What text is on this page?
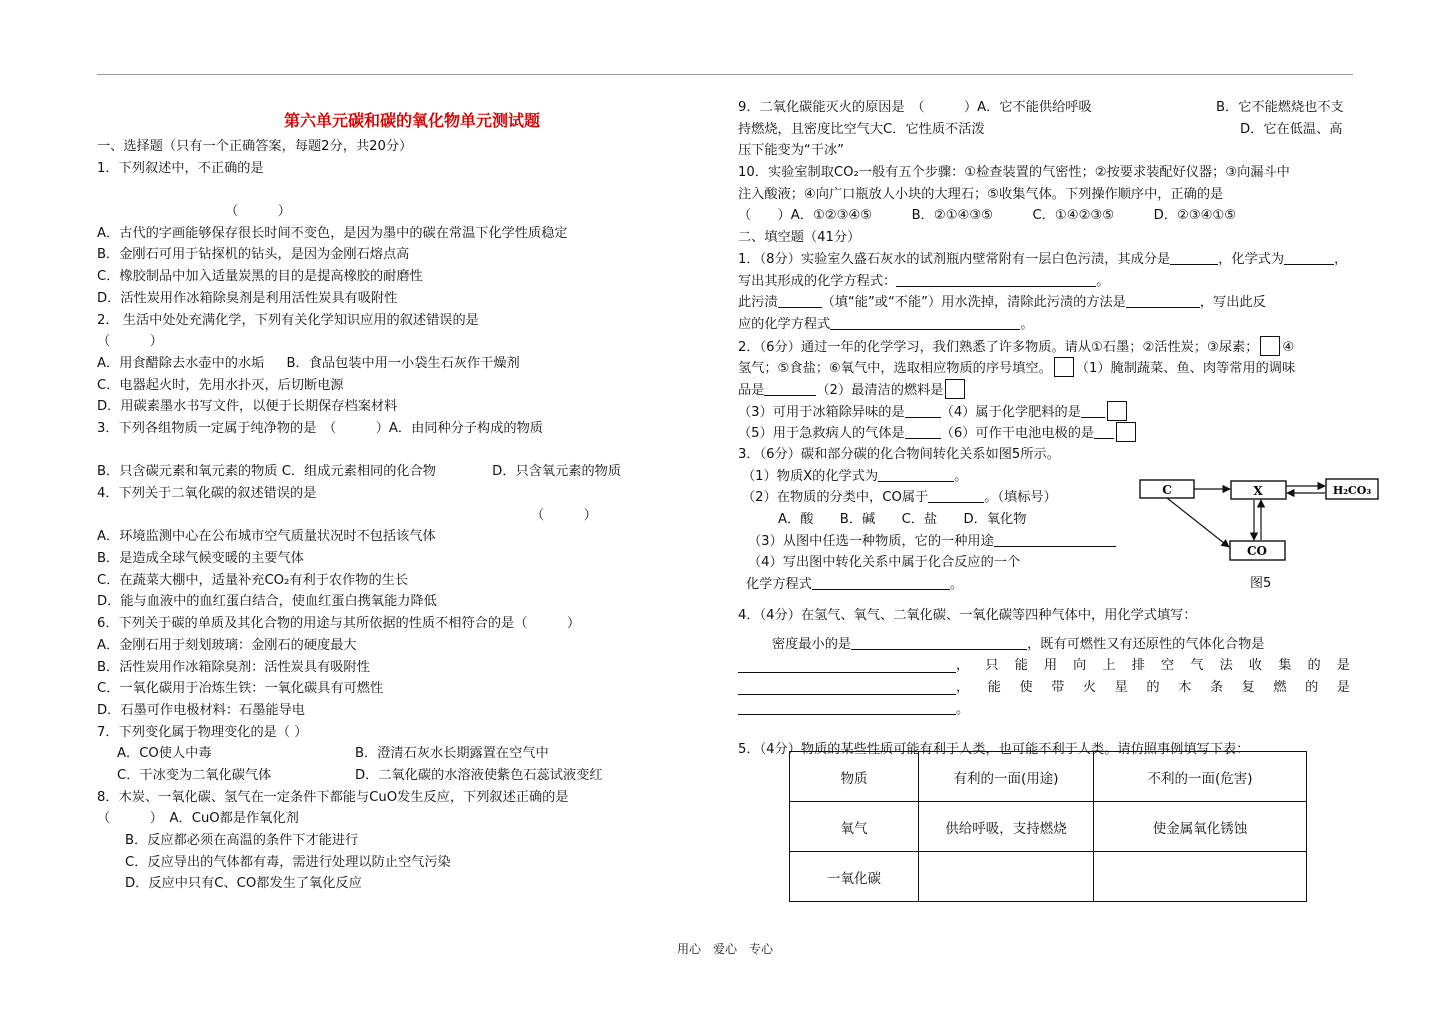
第六单元碳和碳的氧化物单元测试题
一、选择题（只有一个正确答案，每题2分，共20分）
1．下列叙述中，不正确的是
（　　　）
A．古代的字画能够保存很长时间不变色，是因为墨中的碳在常温下化学性质稳定
B．金刚石可用于钻探机的钻头，是因为金刚石熔点高
C．橡胶制品中加入适量炭黑的目的是提高橡胶的耐磨性
D．活性炭用作冰箱除臭剂是利用活性炭具有吸附性
2． 生活中处处充满化学，下列有关化学知识应用的叙述错误的是
（　　　）
A．用食醋除去水壶中的水垢 B．食品包装中用一小袋生石灰作干燥剂
C．电器起火时，先用水扑灭，后切断电源
D．用碳素墨水书写文件，以便于长期保存档案材料
3．下列各组物质一定属于纯净物的是　（　　　）A．由同种分子构成的物质
B．只含碳元素和氧元素的物质 C．组成元素相同的化合物	D．只含氧元素的物质
4．下列关于二氧化碳的叙述错误的是
（　　　）
A．环境监测中心在公布城市空气质量状况时不包括该气体
B．是造成全球气候变暖的主要气体
C．在蔬菜大棚中，适量补充CO₂有利于农作物的生长
D．能与血液中的血红蛋白结合，使血红蛋白携氧能力降低
6．下列关于碳的单质及其化合物的用途与其所依据的性质不相符合的是（　　　）
A．金刚石用于刻划玻璃：金刚石的硬度最大
B．活性炭用作冰箱除臭剂：活性炭具有吸附性
C．一氧化碳用于冶炼生铁：一氧化碳具有可燃性
D．石墨可作电极材料：石墨能导电
7．下列变化属于物理变化的是（ ）
A．CO使人中毒	B．澄清石灰水长期露置在空气中
C．干冰变为二氧化碳气体	D．二氧化碳的水溶液使紫色石蕊试液变红
8．木炭、一氧化碳、氢气在一定条件下都能与CuO发生反应，下列叙述正确的是
（　　　）　A．CuO都是作氧化剂
B．反应都必须在高温的条件下才能进行
C．反应导出的气体都有毒，需进行处理以防止空气污染
D．反应中只有C、CO都发生了氧化反应
9．二氧化碳能灭火的原因是　（　　　）A．它不能供给呼吸	B．它不能燃烧也不支
持燃烧，且密度比空气大C．它性质不活泼	D．它在低温、高
压下能变为“干冰”
10．实验室制取CO₂一般有五个步骤：①检查装置的气密性；②按要求装配好仪器；③向漏斗中
注入酸液；④向广口瓶放人小块的大理石；⑤收集气体。下列操作顺序中，正确的是
（　　）A．①②③④⑤　　　B．②①④③⑤　　　C．①④②③⑤　　　D．②③④①⑤
二、填空题（41分）
1．（8分）实验室久盛石灰水的试剂瓶内壁常附有一层白色污渍，其成分是	，化学式为	，
写出其形成的化学方程式：	。
此污渍	（填“能”或“不能”）用水洗掉，清除此污渍的方法是	，写出此反
应的化学方程式	。
2．（6分）通过一年的化学学习，我们熟悉了许多物质。请从①石墨；②活性炭；③尿素； ④
氢气；⑤食盐；⑥氧气中，选取相应物质的序号填空。 （1）腌制蔬菜、鱼、肉等常用的调味
品是	（2）最清洁的燃料是
（3）可用于冰箱除异味的是	（4）属于化学肥料的是
（5）用于急救病人的气体是	（6）可作干电池电极的是
3．（6分）碳和部分碳的化合物间转化关系如图5所示。
（1）物质X的化学式为	。
（2）在物质的分类中，CO属于	。（填标号）
A．酸　　B．碱　　C．盐　　D．氧化物
（3）从图中任选一种物质，它的一种用途
（4）写出图中转化关系中属于化合反应的一个
化学方程式	。
4．（4分）在氢气、氧气、二氧化碳、一氧化碳等四种气体中，用化学式填写：
密度最小的是	，既有可燃性又有还原性的气体化合物是
，只能用向上排空气法收集的是
，能使带火星的木条复燃的是
。
5．（4分）物质的某些性质可能有利于人类，也可能不利于人类。请仿照事例填写下表：
C	X	H₂CO₃
CO
图5
物质	有利的一面(用途)	不利的一面(危害)
氧气	供给呼吸，支持燃烧	使金属氧化锈蚀
一氧化碳		
用心　爱心　专心
